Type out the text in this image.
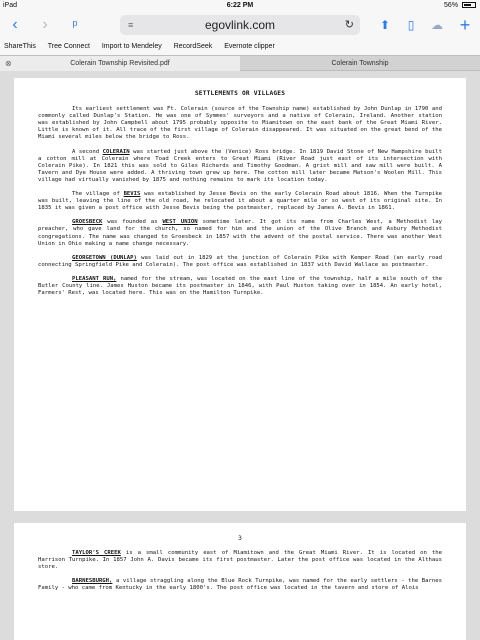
iPad	6:22 PM	56%
‹	›	ᵖ	≡	egovlink.com	↻	⬆	▯	☁ +
ShareThis Tree Connect Import to Mendeley RecordSeek Evernote clipper
⊗	Colerain Township Revisited.pdf	Colerain Township
SETTLEMENTS OR VILLAGES

Its earliest settlement was Ft. Colerain (source of the Township name) established by John Dunlap in 1790 and commonly called Dunlap's Station. He was one of Symmes' surveyors and a native of Colerain, Ireland. Another station was established by John Campbell about 1795 probably opposite to Miamitown on the east bank of the Great Miami River. Little is known of it. All trace of the first village of Colerain disappeared. It was situated on the great bend of the Miami several miles below the bridge to Ross.

A second COLERAIN was started just above the (Venice) Ross bridge. In 1819 David Stone of New Hampshire built a cotton mill at Colerain where Toad Creek enters to Great Miami (River Road just east of its intersection with Colerain Pike). In 1821 this was sold to Giles Richards and Timothy Goodman. A grist mill and saw mill were built. A Tavern and Dye House were added. A thriving town grew up here. The cotton mill later became Matson's Woolen Mill. This village had virtually vanished by 1875 and nothing remains to mark its location today.

The village of BEVIS was established by Jesse Bevis on the early Colerain Road about 1816. When the Turnpike was built, leaving the line of the old road, he relocated it about a quarter mile or so west of its original site. In 1835 it was given a post office with Jesse Bevis being the postmaster, replaced by James A. Bevis in 1861.

GROESBECK was founded as WEST UNION sometime later. It got its name from Charles West, a Methodist lay preacher, who gave land for the church, so named for him and the union of the Olive Branch and Asbury Methodist congregations. The name was changed to Groesbeck in 1857 with the advent of the postal service. There was another West Union in Ohio making a name change necessary.

GEORGETOWN (DUNLAP) was laid out in 1829 at the junction of Colerain Pike with Kemper Road (an early road connecting Springfield Pike and Colerain). The post office was established in 1837 with David Wallace as postmaster.

PLEASANT RUN, named for the stream, was located on the east line of the township, half a mile south of the Butler County line. James Huston became its postmaster in 1846, with Paul Huston taking over in 1854. An early hotel, Farmers' Rest, was located here. This was on the Hamilton Turnpike.

3

TAYLOR'S CREEK is a small community east of Miamitown and the Great Miami River. It is located on the Harrison Turnpike. In 1857 John A. Davis became its first postmaster. Later the post office was located in the Althaus store.

BARNESBURGH, a village straggling along the Blue Rock Turnpike, was named for the early settlers - the Barnes Family - who came from Kentucky in the early 1800's. The post office was located in the tavern and store of Alois
